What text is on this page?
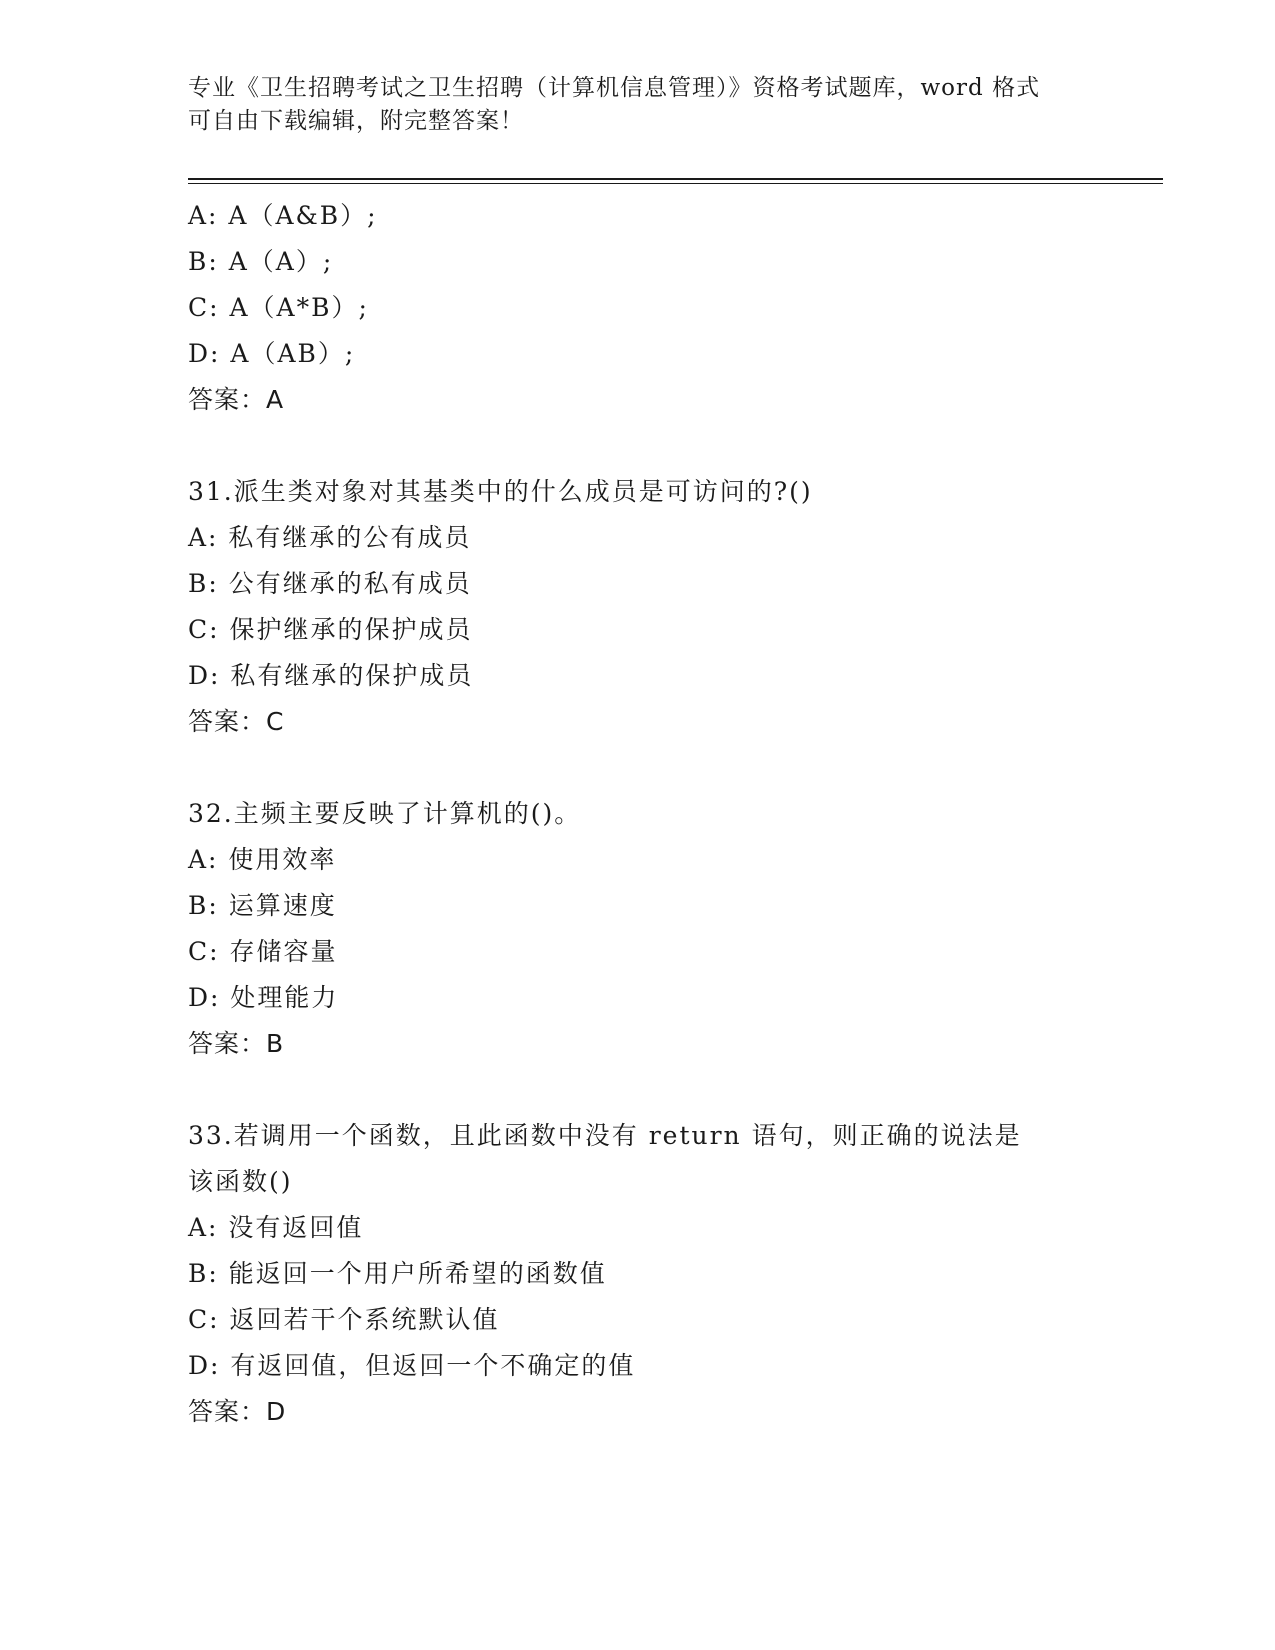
专业《卫生招聘考试之卫生招聘（计算机信息管理）》资格考试题库，word 格式
可自由下载编辑，附完整答案！
A: A（A&B）;
B: A（A）;
C: A（A*B）;
D: A（AB）;
答案：A
31.派生类对象对其基类中的什么成员是可访问的?()
A: 私有继承的公有成员
B: 公有继承的私有成员
C: 保护继承的保护成员
D: 私有继承的保护成员
答案：C
32.主频主要反映了计算机的()。
A: 使用效率
B: 运算速度
C: 存储容量
D: 处理能力
答案：B
33.若调用一个函数，且此函数中没有 return 语句，则正确的说法是
该函数()
A: 没有返回值
B: 能返回一个用户所希望的函数值
C: 返回若干个系统默认值
D: 有返回值，但返回一个不确定的值
答案：D
